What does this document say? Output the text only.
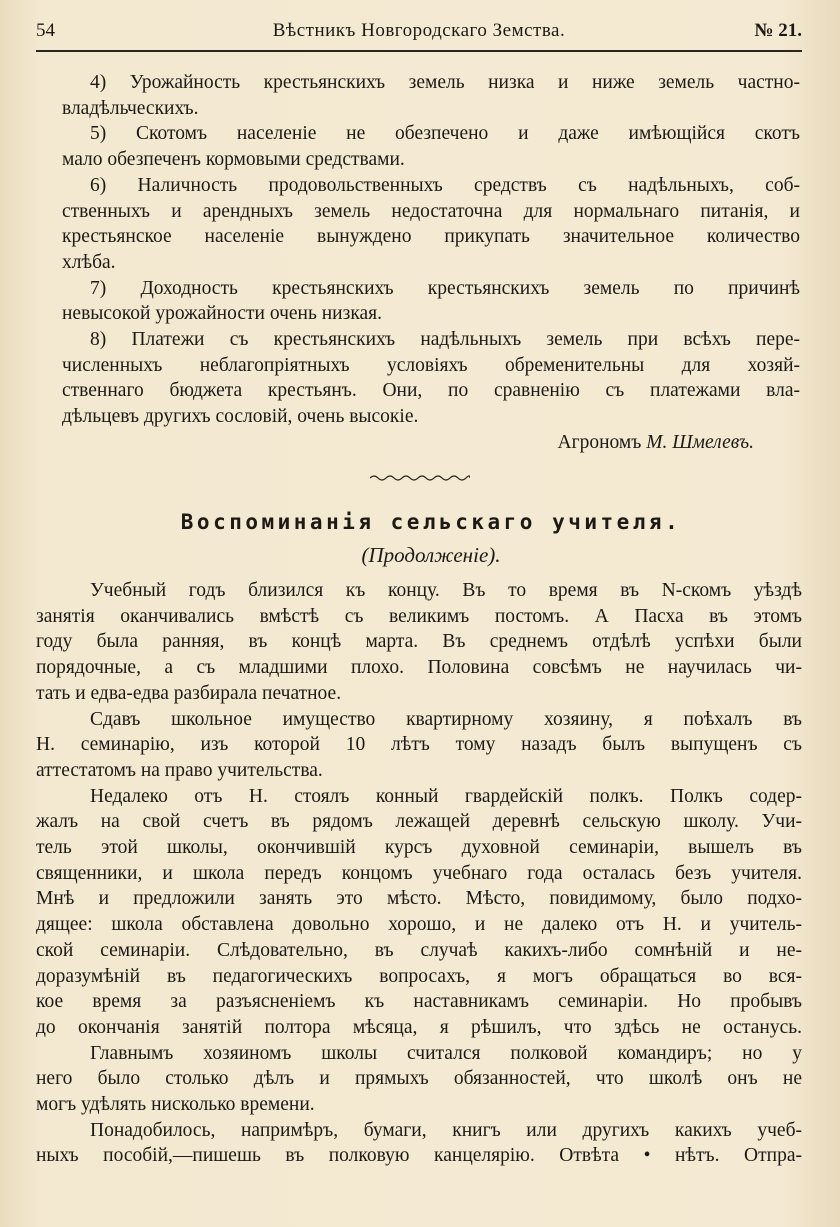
54	Вѣстникъ Новгородскаго Земства.	№ 21.

4) Урожайность крестьянскихъ земель низка и ниже земель частно-
владѣльческихъ.

5) Скотомъ населеніе не обезпечено и даже имѣющійся скотъ
мало обезпеченъ кормовыми средствами.

6) Наличность продовольственныхъ средствъ съ надѣльныхъ, соб-
ственныхъ и арендныхъ земель недостаточна для нормальнаго питанія, и
крестьянское населеніе вынуждено прикупать значительное количество
хлѣба.

7) Доходность крестьянскихъ крестьянскихъ земель по причинѣ
невысокой урожайности очень низкая.

8) Платежи съ крестьянскихъ надѣльныхъ земель при всѣхъ пере-
численныхъ неблагопріятныхъ условіяхъ обременительны для хозяй-
ственнаго бюджета крестьянъ. Они, по сравненію съ платежами вла-
дѣльцевъ другихъ сословій, очень высокіе.

Агрономъ М. Шмелевъ.

Воспоминанія сельскаго учителя.
(Продолженіе).

Учебный годъ близился къ концу. Въ то время въ N-скомъ уѣздѣ
занятія оканчивались вмѣстѣ съ великимъ постомъ. А Пасха въ этомъ
году была ранняя, въ концѣ марта. Въ среднемъ отдѣлѣ успѣхи были
порядочные, а съ младшими плохо. Половина совсѣмъ не научилась чи-
тать и едва-едва разбирала печатное.

Сдавъ школьное имущество квартирному хозяину, я поѣхалъ въ
Н. семинарію, изъ которой 10 лѣтъ тому назадъ былъ выпущенъ съ
аттестатомъ на право учительства.

Недалеко отъ Н. стоялъ конный гвардейскій полкъ. Полкъ содер-
жалъ на свой счетъ въ рядомъ лежащей деревнѣ сельскую школу. Учи-
тель этой школы, окончившій курсъ духовной семинаріи, вышелъ въ
священники, и школа передъ концомъ учебнаго года осталась безъ учителя.
Мнѣ и предложили занять это мѣсто. Мѣсто, повидимому, было подхо-
дящее: школа обставлена довольно хорошо, и не далеко отъ Н. и учитель-
ской семинаріи. Слѣдовательно, въ случаѣ какихъ-либо сомнѣній и не-
доразумѣній въ педагогическихъ вопросахъ, я могъ обращаться во вся-
кое время за разъясненіемъ къ наставникамъ семинаріи. Но пробывъ
до окончанія занятій полтора мѣсяца, я рѣшилъ, что здѣсь не останусь.

Главнымъ хозяиномъ школы считался полковой командиръ; но у
него было столько дѣлъ и прямыхъ обязанностей, что школѣ онъ не
могъ удѣлять нисколько времени.

Понадобилось, напримѣръ, бумаги, книгъ или другихъ какихъ учеб-
ныхъ пособій,—пишешь въ полковую канцелярію. Отвѣта • нѣтъ. Отпра-
